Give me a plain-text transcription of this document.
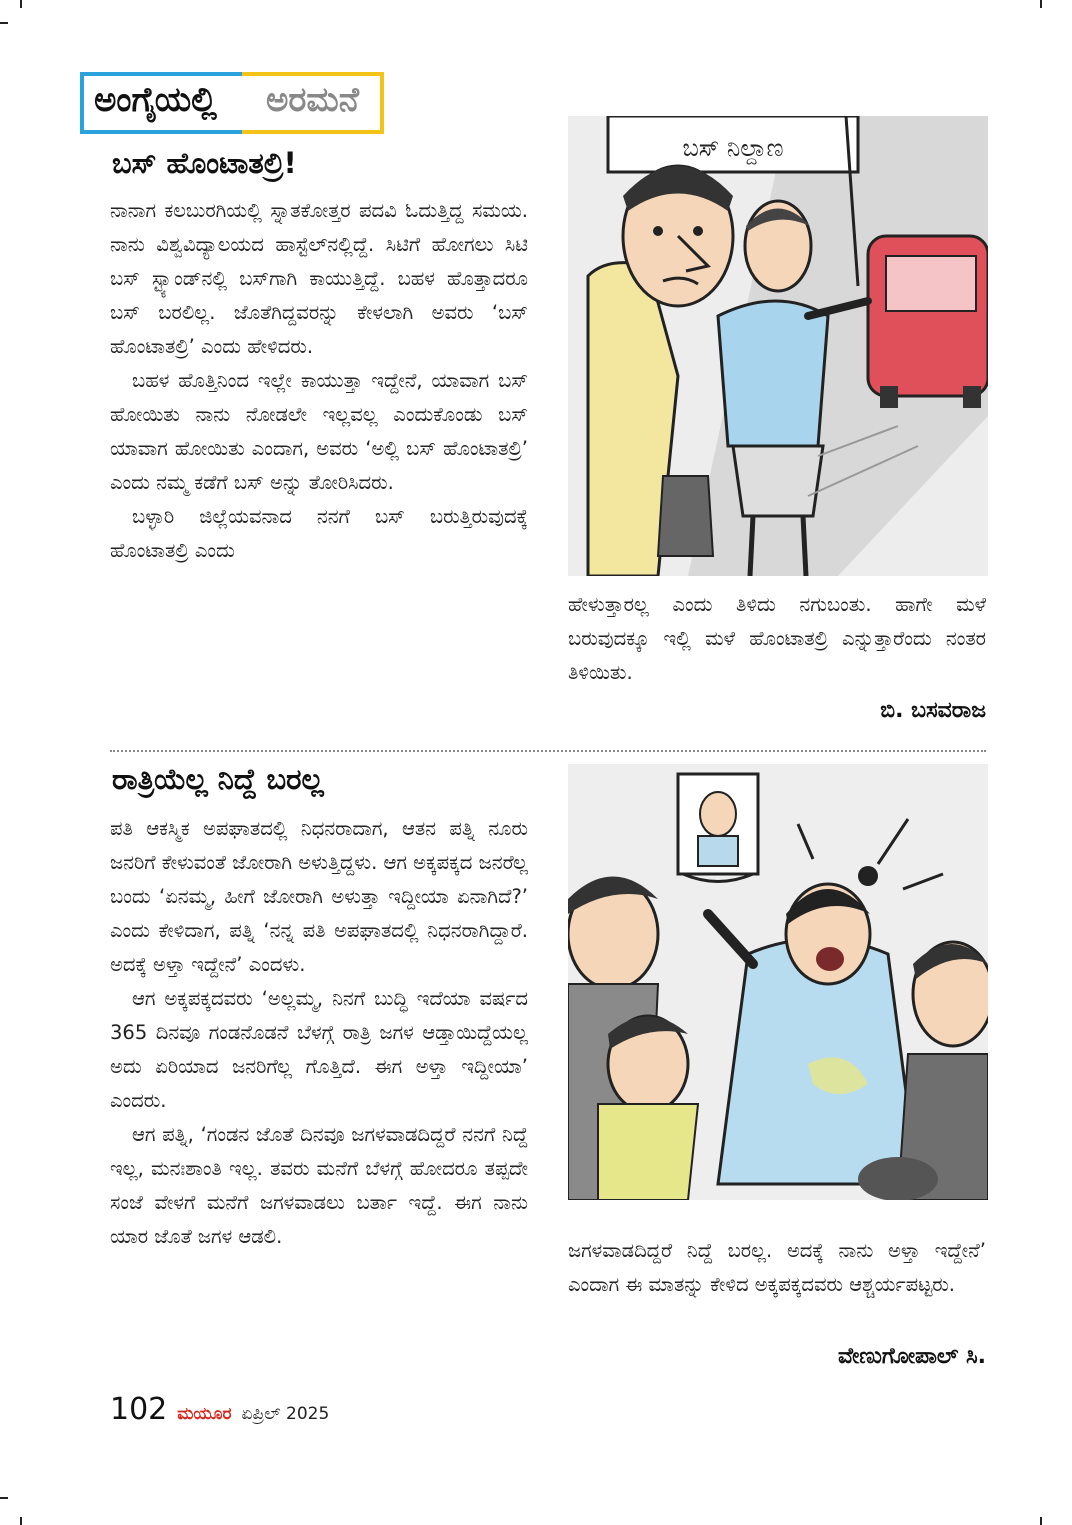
ಅಂಗೈಯಲ್ಲಿ ಅರಮನೆ
ಬಸ್ ಹೊಂಟಾತಲ್ರಿ!

ನಾನಾಗ ಕಲಬುರಗಿಯಲ್ಲಿ ಸ್ನಾತಕೋತ್ತರ ಪದವಿ ಓದುತ್ತಿದ್ದ ಸಮಯ. ನಾನು ವಿಶ್ವವಿದ್ಯಾಲಯದ ಹಾಸ್ಟೆಲ್‌ನಲ್ಲಿದ್ದೆ. ಸಿಟಿಗೆ ಹೋಗಲು ಸಿಟಿ ಬಸ್ ಸ್ಟ್ಯಾಂಡ್‌ನಲ್ಲಿ ಬಸ್‌ಗಾಗಿ ಕಾಯುತ್ತಿದ್ದೆ. ಬಹಳ ಹೊತ್ತಾದರೂ ಬಸ್ ಬರಲಿಲ್ಲ. ಜೊತೆಗಿದ್ದವರನ್ನು ಕೇಳಲಾಗಿ ಅವರು ‘ಬಸ್ ಹೊಂಟಾತಲ್ರಿ’ ಎಂದು ಹೇಳಿದರು.

ಬಹಳ ಹೊತ್ತಿನಿಂದ ಇಲ್ಲೇ ಕಾಯುತ್ತಾ ಇದ್ದೇನೆ, ಯಾವಾಗ ಬಸ್ ಹೋಯಿತು ನಾನು ನೋಡಲೇ ಇಲ್ಲವಲ್ಲ ಎಂದುಕೊಂಡು ಬಸ್ ಯಾವಾಗ ಹೋಯಿತು ಎಂದಾಗ, ಅವರು ‘ಅಲ್ಲಿ ಬಸ್ ಹೊಂಟಾತಲ್ರಿ’ ಎಂದು ನಮ್ಮ ಕಡೆಗೆ ಬಸ್ ಅನ್ನು ತೋರಿಸಿದರು.

ಬಳ್ಳಾರಿ ಜಿಲ್ಲೆಯವನಾದ ನನಗೆ ಬಸ್ ಬರುತ್ತಿರುವುದಕ್ಕೆ ಹೊಂಟಾತಲ್ರಿ ಎಂದು

ಬಸ್ ನಿಲ್ದಾಣ

ಹೇಳುತ್ತಾರಲ್ಲ ಎಂದು ತಿಳಿದು ನಗುಬಂತು. ಹಾಗೇ ಮಳೆ ಬರುವುದಕ್ಕೂ ಇಲ್ಲಿ ಮಳೆ ಹೊಂಟಾತಲ್ರಿ ಎನ್ನುತ್ತಾರೆಂದು ನಂತರ ತಿಳಿಯಿತು.

ಬಿ. ಬಸವರಾಜ
ರಾತ್ರಿಯೆಲ್ಲ ನಿದ್ದೆ ಬರಲ್ಲ

ಪತಿ ಆಕಸ್ಮಿಕ ಅಪಘಾತದಲ್ಲಿ ನಿಧನರಾದಾಗ, ಆತನ ಪತ್ನಿ ನೂರು ಜನರಿಗೆ ಕೇಳುವಂತೆ ಜೋರಾಗಿ ಅಳುತ್ತಿದ್ದಳು. ಆಗ ಅಕ್ಕಪಕ್ಕದ ಜನರೆಲ್ಲ ಬಂದು ‘ಏನಮ್ಮ, ಹೀಗೆ ಜೋರಾಗಿ ಅಳುತ್ತಾ ಇದ್ದೀಯಾ ಏನಾಗಿದೆ?’ ಎಂದು ಕೇಳಿದಾಗ, ಪತ್ನಿ ‘ನನ್ನ ಪತಿ ಅಪಘಾತದಲ್ಲಿ ನಿಧನರಾಗಿದ್ದಾರೆ. ಅದಕ್ಕೆ ಅಳ್ತಾ ಇದ್ದೇನೆ’ ಎಂದಳು.

ಆಗ ಅಕ್ಕಪಕ್ಕದವರು ‘ಅಲ್ಲಮ್ಮ, ನಿನಗೆ ಬುದ್ಧಿ ಇದೆಯಾ ವರ್ಷದ 365 ದಿನವೂ ಗಂಡನೊಡನೆ ಬೆಳಗ್ಗೆ ರಾತ್ರಿ ಜಗಳ ಆಡ್ತಾಯಿದ್ದೆಯಲ್ಲ ಅದು ಏರಿಯಾದ ಜನರಿಗೆಲ್ಲ ಗೊತ್ತಿದೆ. ಈಗ ಅಳ್ತಾ ಇದ್ದೀಯಾ’ ಎಂದರು.

ಆಗ ಪತ್ನಿ, ‘ಗಂಡನ ಜೊತೆ ದಿನವೂ ಜಗಳವಾಡದಿದ್ದರೆ ನನಗೆ ನಿದ್ದೆ ಇಲ್ಲ, ಮನಃಶಾಂತಿ ಇಲ್ಲ. ತವರು ಮನೆಗೆ ಬೆಳಗ್ಗೆ ಹೋದರೂ ತಪ್ಪದೇ ಸಂಜೆ ವೇಳಗೆ ಮನೆಗೆ ಜಗಳವಾಡಲು ಬರ್ತಾ ಇದ್ದೆ. ಈಗ ನಾನು ಯಾರ ಜೊತೆ ಜಗಳ ಆಡಲಿ.

ಜಗಳವಾಡದಿದ್ದರೆ ನಿದ್ದೆ ಬರಲ್ಲ. ಅದಕ್ಕೆ ನಾನು ಅಳ್ತಾ ಇದ್ದೇನೆ’ ಎಂದಾಗ ಈ ಮಾತನ್ನು ಕೇಳಿದ ಅಕ್ಕಪಕ್ಕದವರು ಆಶ್ಚರ್ಯಪಟ್ಟರು.

ವೇಣುಗೋಪಾಲ್ ಸಿ.
102 ಮಯೂರ ಏಪ್ರಿಲ್ 2025
